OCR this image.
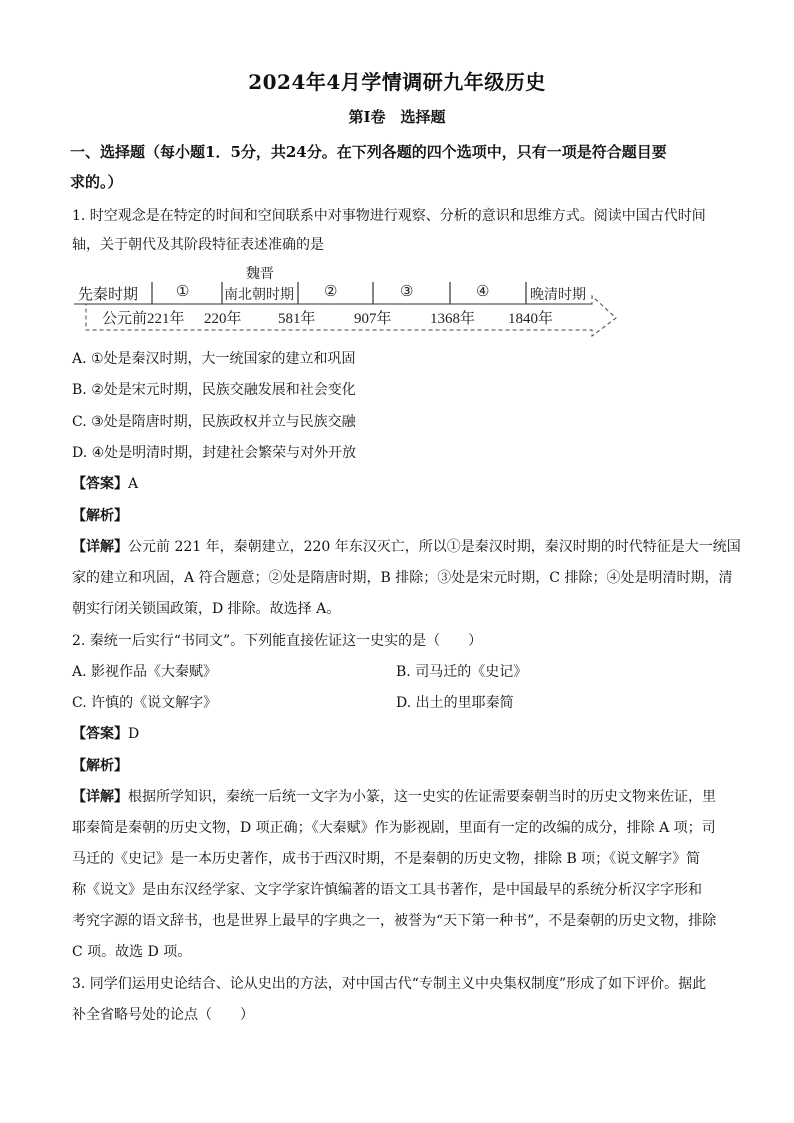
2024年4月学情调研九年级历史
第Ⅰ卷　选择题
一、选择题（每小题1．5分，共24分。在下列各题的四个选项中，只有一项是符合题目要
求的。）
1. 时空观念是在特定的时间和空间联系中对事物进行观察、分析的意识和思维方式。阅读中国古代时间
轴，关于朝代及其阶段特征表述准确的是
先秦时期	①
魏晋
南北朝时期 ②	③	④	晚清时期
公元前221年 220年 581年	907年	1368年 1840年
A. ①处是秦汉时期，大一统国家的建立和巩固
B. ②处是宋元时期，民族交融发展和社会变化
C. ③处是隋唐时期，民族政权并立与民族交融
D. ④处是明清时期，封建社会繁荣与对外开放
【答案】A
【解析】
【详解】公元前 221 年，秦朝建立，220 年东汉灭亡，所以①是秦汉时期，秦汉时期的时代特征是大一统国
家的建立和巩固，A 符合题意；②处是隋唐时期，B 排除；③处是宋元时期，C 排除；④处是明清时期，清
朝实行闭关锁国政策，D 排除。故选择 A。
2. 秦统一后实行“书同文”。下列能直接佐证这一史实的是（　　）
A. 影视作品《大秦赋》	B. 司马迁的《史记》
C. 许慎的《说文解字》	D. 出土的里耶秦简
【答案】D
【解析】
【详解】根据所学知识，秦统一后统一文字为小篆，这一史实的佐证需要秦朝当时的历史文物来佐证，里
耶秦简是秦朝的历史文物，D 项正确；《大秦赋》作为影视剧，里面有一定的改编的成分，排除 A 项；司
马迁的《史记》是一本历史著作，成书于西汉时期，不是秦朝的历史文物，排除 B 项；《说文解字》简
称《说文》是由东汉经学家、文字学家许慎编著的语文工具书著作，是中国最早的系统分析汉字字形和
考究字源的语文辞书，也是世界上最早的字典之一，被誉为“天下第一种书”，不是秦朝的历史文物，排除
C 项。故选 D 项。
3. 同学们运用史论结合、论从史出的方法，对中国古代“专制主义中央集权制度”形成了如下评价。据此
补全省略号处的论点（　　）
